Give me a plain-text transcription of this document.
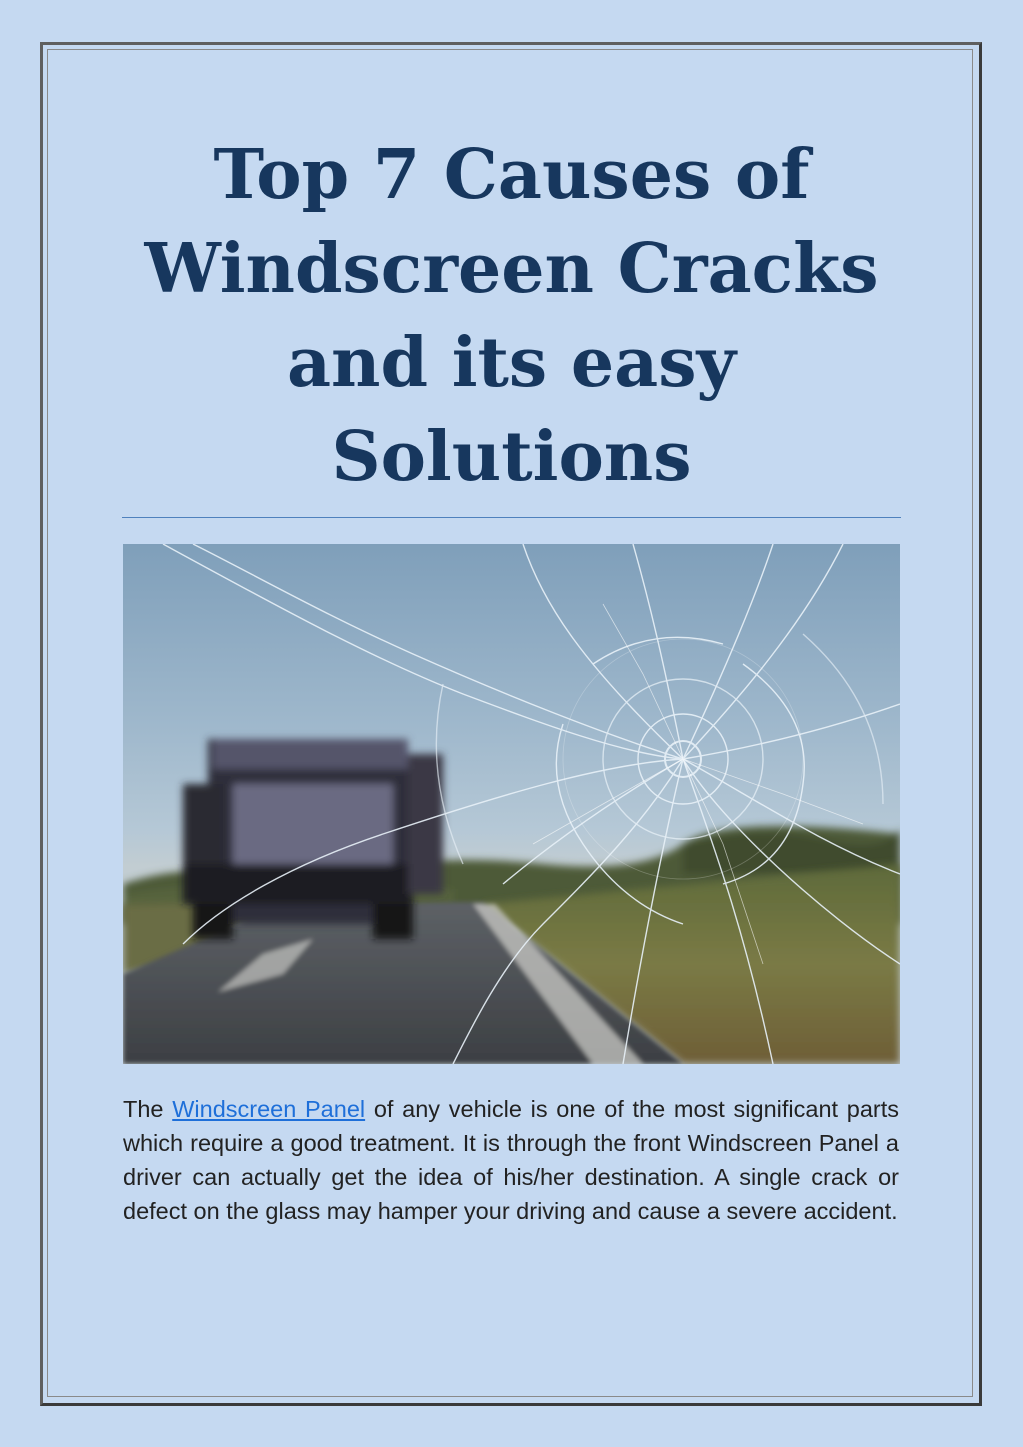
Top 7 Causes of
Windscreen Cracks
and its easy
Solutions

The Windscreen Panel of any vehicle is one of the most significant parts which require a good treatment. It is through the front Windscreen Panel a driver can actually get the idea of his/her destination. A single crack or defect on the glass may hamper your driving and cause a severe accident.
